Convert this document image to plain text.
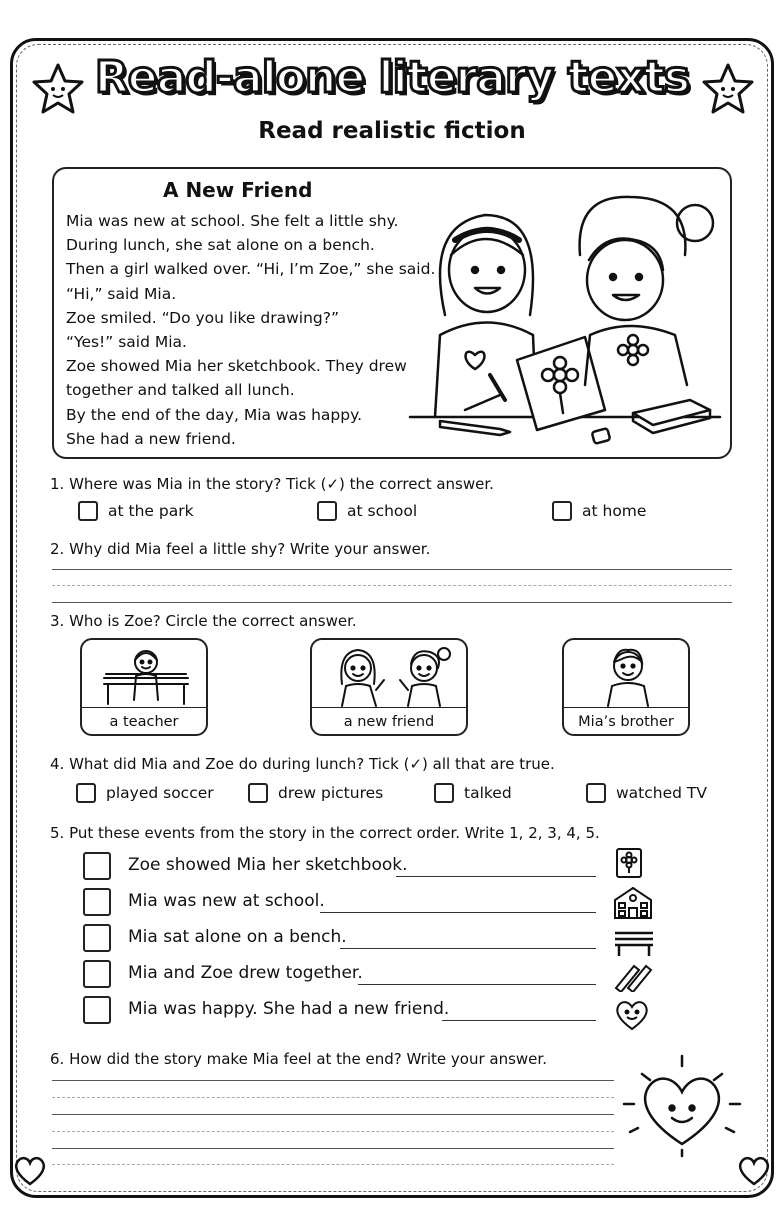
Read-alone literary texts
Read realistic fiction
A New Friend
Mia was new at school. She felt a little shy.
During lunch, she sat alone on a bench.
Then a girl walked over. “Hi, I’m Zoe,” she said.
“Hi,” said Mia.
Zoe smiled. “Do you like drawing?”
“Yes!” said Mia.
Zoe showed Mia her sketchbook. They drew
together and talked all lunch.
By the end of the day, Mia was happy.
She had a new friend.
1. Where was Mia in the story? Tick (✓) the correct answer.
at the park	at school	at home
2. Why did Mia feel a little shy? Write your answer.
3. Who is Zoe? Circle the correct answer.
a teacher	a new friend	Mia’s brother
4. What did Mia and Zoe do during lunch? Tick (✓) all that are true.
played soccer	drew pictures	talked	watched TV
5. Put these events from the story in the correct order. Write 1, 2, 3, 4, 5.
Zoe showed Mia her sketchbook.
Mia was new at school.
Mia sat alone on a bench.
Mia and Zoe drew together.
Mia was happy. She had a new friend.
6. How did the story make Mia feel at the end? Write your answer.
